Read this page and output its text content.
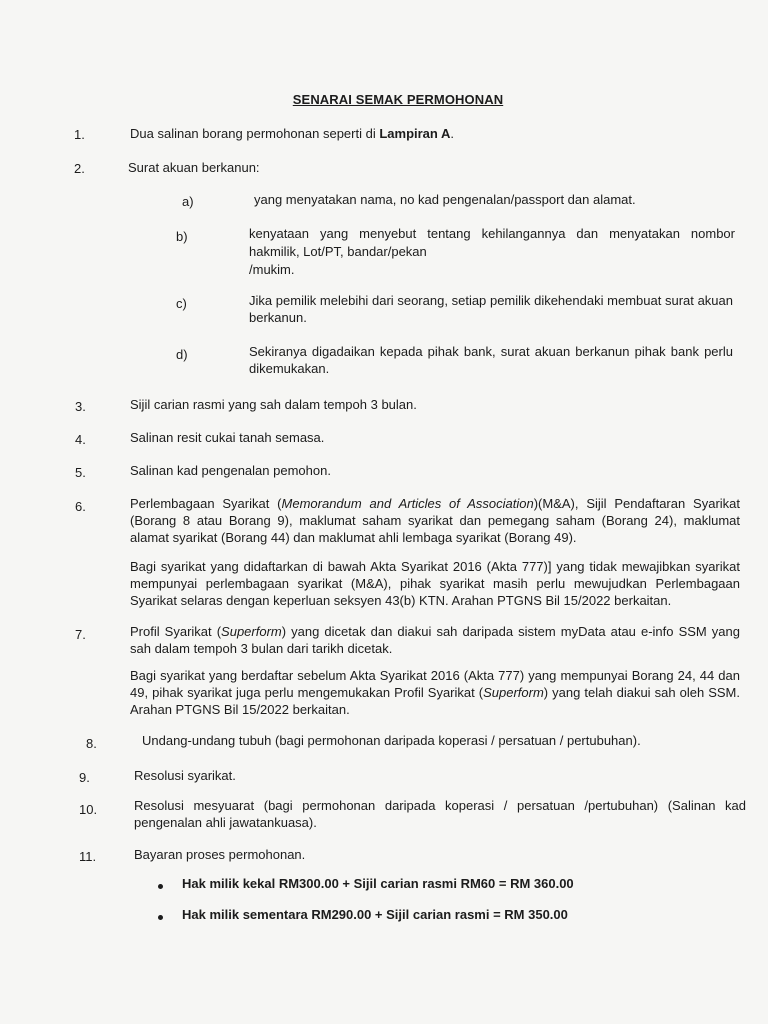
SENARAI SEMAK PERMOHONAN
1.	Dua salinan borang permohonan seperti di Lampiran A.
2.	Surat akuan berkanun:
a)	yang menyatakan nama, no kad pengenalan/passport dan alamat.
b)	kenyataan yang menyebut tentang kehilangannya dan menyatakan nombor
hakmilik, Lot/PT, bandar/pekan
/mukim.
c)	Jika pemilik melebihi dari seorang, setiap pemilik dikehendaki membuat surat akuan berkanun.
d)	Sekiranya digadaikan kepada pihak bank, surat akuan berkanun pihak bank perlu dikemukakan.
3.	Sijil carian rasmi yang sah dalam tempoh 3 bulan.
4.	Salinan resit cukai tanah semasa.
5.	Salinan kad pengenalan pemohon.
6.	Perlembagaan Syarikat (Memorandum and Articles of Association)(M&A), Sijil Pendaftaran Syarikat (Borang 8 atau Borang 9), maklumat saham syarikat dan pemegang saham (Borang 24), maklumat alamat syarikat (Borang 44) dan maklumat ahli lembaga syarikat (Borang 49).
Bagi syarikat yang didaftarkan di bawah Akta Syarikat 2016 (Akta 777)] yang tidak mewajibkan syarikat mempunyai perlembagaan syarikat (M&A), pihak syarikat masih perlu mewujudkan Perlembagaan Syarikat selaras dengan keperluan seksyen 43(b) KTN. Arahan PTGNS Bil 15/2022 berkaitan.
7.	Profil Syarikat (Superform) yang dicetak dan diakui sah daripada sistem myData atau e-info SSM yang sah dalam tempoh 3 bulan dari tarikh dicetak.
Bagi syarikat yang berdaftar sebelum Akta Syarikat 2016 (Akta 777) yang mempunyai Borang 24, 44 dan 49, pihak syarikat juga perlu mengemukakan Profil Syarikat (Superform) yang telah diakui sah oleh SSM. Arahan PTGNS Bil 15/2022 berkaitan.
8.	Undang-undang tubuh (bagi permohonan daripada koperasi / persatuan / pertubuhan).
9.	Resolusi syarikat.
10.	Resolusi mesyuarat (bagi permohonan daripada koperasi / persatuan /pertubuhan) (Salinan kad pengenalan ahli jawatankuasa).
11.	Bayaran proses permohonan.
Hak milik kekal RM300.00 + Sijil carian rasmi RM60 = RM 360.00
Hak milik sementara RM290.00 + Sijil carian rasmi = RM 350.00
